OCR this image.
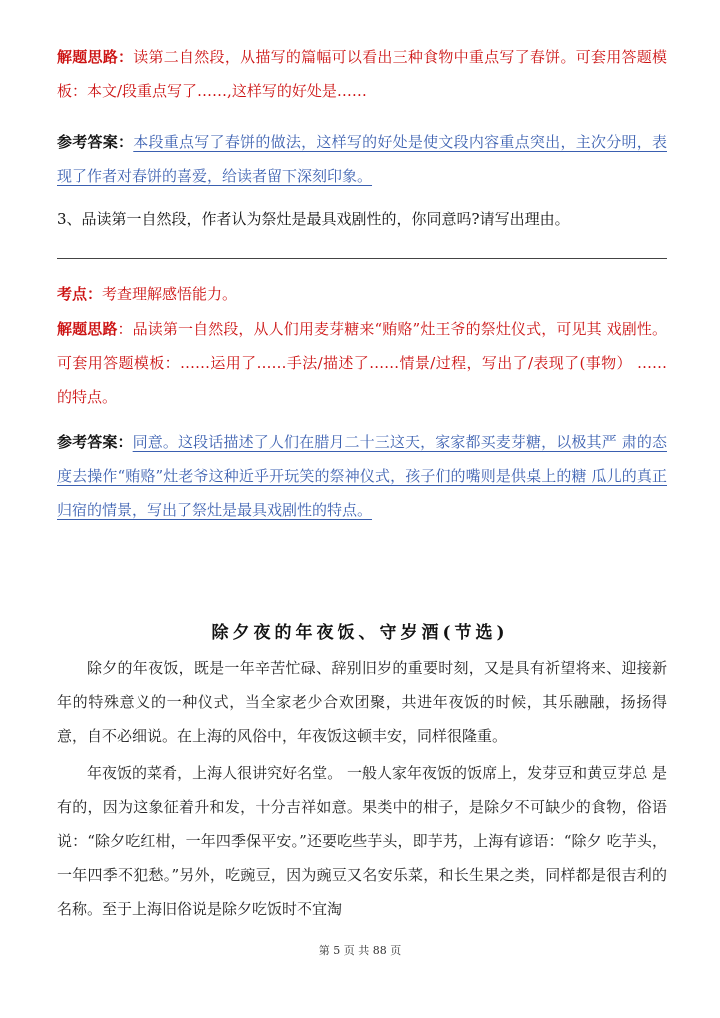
解题思路：读第二自然段，从描写的篇幅可以看出三种食物中重点写了春饼。可套用答题模板：本文/段重点写了……,这样写的好处是……
参考答案：本段重点写了春饼的做法，这样写的好处是使文段内容重点突出，主次分明，表现了作者对春饼的喜爱，给读者留下深刻印象。
3、品读第一自然段，作者认为祭灶是最具戏剧性的，你同意吗?请写出理由。
考点：考查理解感悟能力。
解题思路：品读第一自然段，从人们用麦芽糖来“贿赂”灶王爷的祭灶仪式，可见其 戏剧性。可套用答题模板：……运用了……手法/描述了……情景/过程，写出了/表现了(事物） ……的特点。
参考答案：同意。这段话描述了人们在腊月二十三这天，家家都买麦芽糖，以极其严 肃的态度去操作“贿赂”灶老爷这种近乎开玩笑的祭神仪式，孩子们的嘴则是供桌上的糖 瓜儿的真正归宿的情景，写出了祭灶是最具戏剧性的特点。
除夕夜的年夜饭、守岁酒(节选)
除夕的年夜饭，既是一年辛苦忙碌、辞别旧岁的重要时刻，又是具有祈望将来、迎接新年的特殊意义的一种仪式，当全家老少合欢团聚，共进年夜饭的时候，其乐融融，扬扬得意，自不必细说。在上海的风俗中，年夜饭这顿丰安，同样很隆重。
年夜饭的菜肴，上海人很讲究好名堂。 一般人家年夜饭的饭席上，发芽豆和黄豆芽总 是有的，因为这象征着升和发，十分吉祥如意。果类中的柑子，是除夕不可缺少的食物，俗语说：“除夕吃红柑，一年四季保平安。”还要吃些芋头，即芋艿，上海有谚语：“除夕 吃芋头，一年四季不犯愁。”另外，吃豌豆，因为豌豆又名安乐菜，和长生果之类，同样都是很吉利的名称。至于上海旧俗说是除夕吃饭时不宜淘
第 5 页 共 88 页
